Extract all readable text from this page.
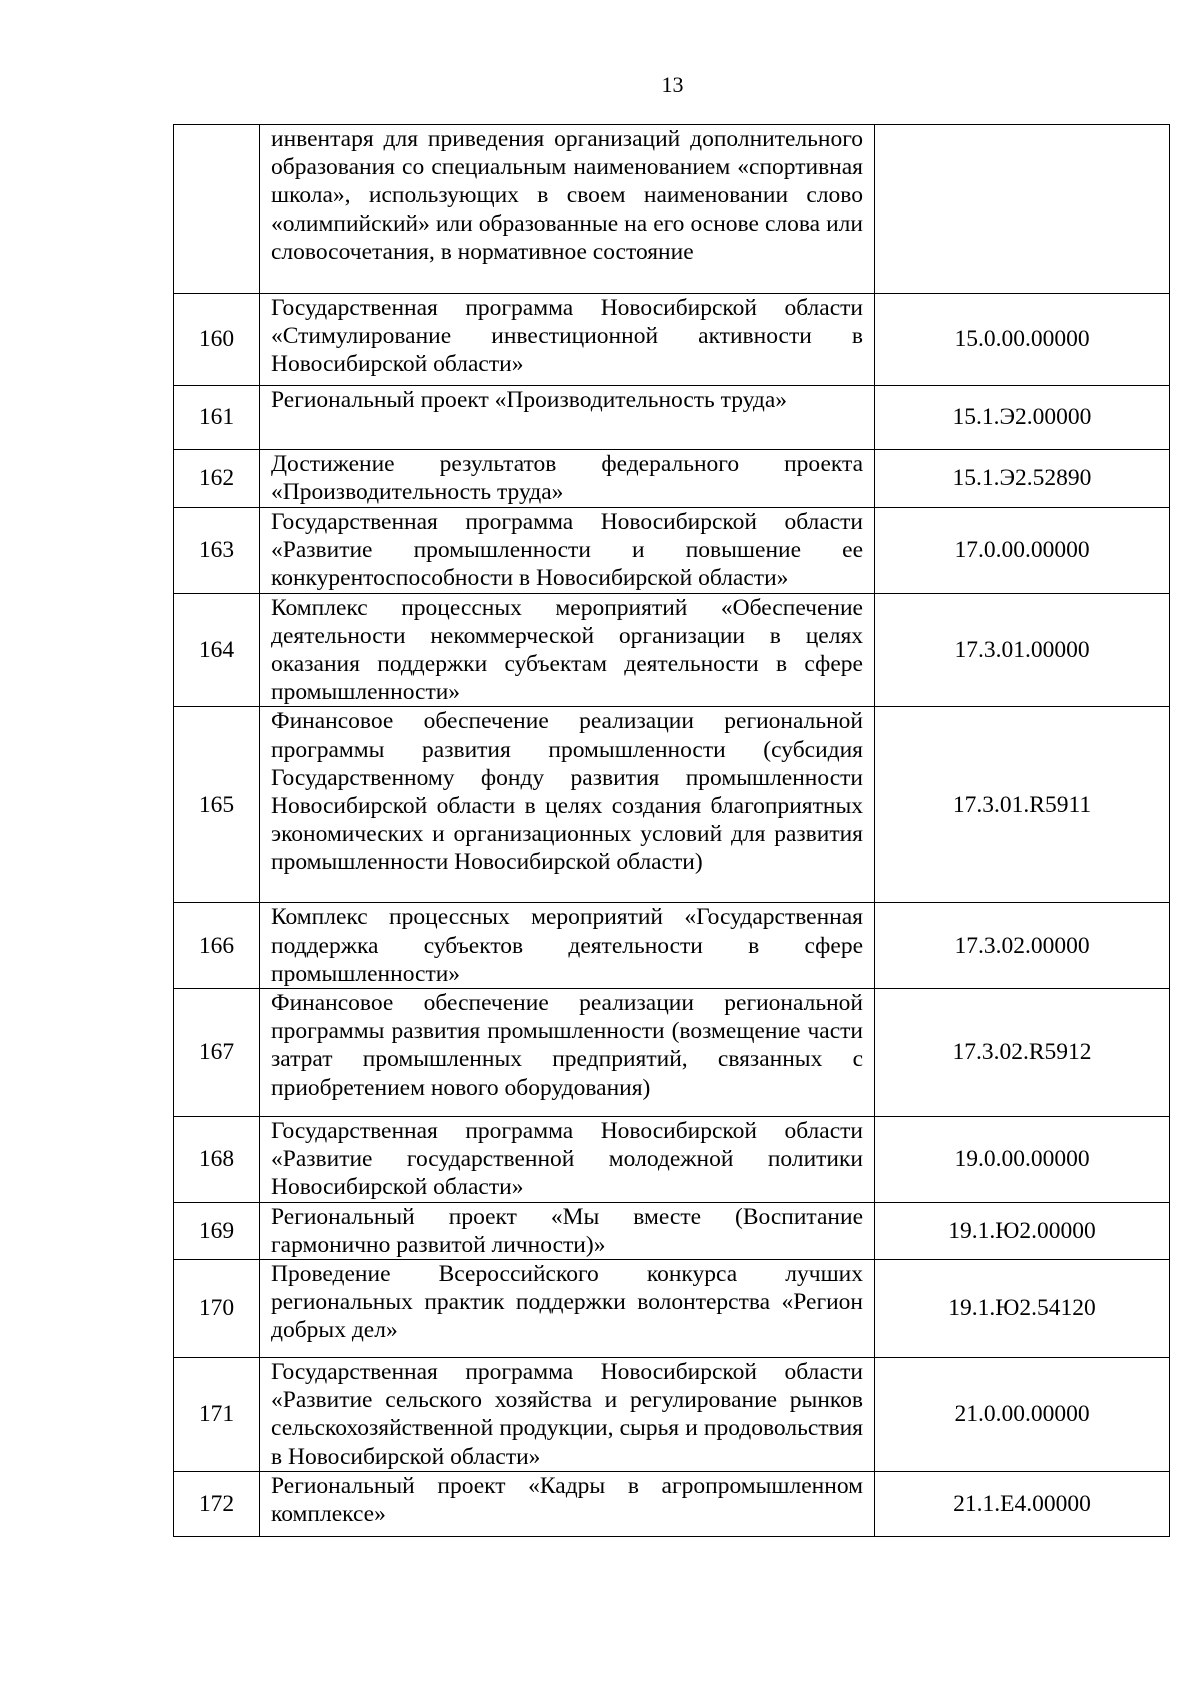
13

	инвентаря для приведения организаций дополнительного образования со специальным наименованием «спортивная школа», использующих в своем наименовании слово «олимпийский» или образованные на его основе слова или словосочетания, в нормативное состояние	

160	Государственная программа Новосибирской области «Стимулирование инвестиционной активности в Новосибирской области»	15.0.00.00000
161	Региональный проект «Производительность труда»	15.1.Э2.00000
162	Достижение результатов федерального проекта «Производительность труда»	15.1.Э2.52890
163	Государственная программа Новосибирской области «Развитие промышленности и повышение ее конкурентоспособности в Новосибирской области»	17.0.00.00000
164	Комплекс процессных мероприятий «Обеспечение деятельности некоммерческой организации в целях оказания поддержки субъектам деятельности в сфере промышленности»	17.3.01.00000
165	Финансовое обеспечение реализации региональной программы развития промышленности (субсидия Государственному фонду развития промышленности Новосибирской области в целях создания благоприятных экономических и организационных условий для развития промышленности Новосибирской области)	17.3.01.R5911
166	Комплекс процессных мероприятий «Государственная поддержка субъектов деятельности в сфере промышленности»	17.3.02.00000
167	Финансовое обеспечение реализации региональной программы развития промышленности (возмещение части затрат промышленных предприятий, связанных с приобретением нового оборудования)	17.3.02.R5912
168	Государственная программа Новосибирской области «Развитие государственной молодежной политики Новосибирской области»	19.0.00.00000
169	Региональный проект «Мы вместе (Воспитание гармонично развитой личности)»	19.1.Ю2.00000
170	Проведение Всероссийского конкурса лучших региональных практик поддержки волонтерства «Регион добрых дел»	19.1.Ю2.54120
171	Государственная программа Новосибирской области «Развитие сельского хозяйства и регулирование рынков сельскохозяйственной продукции, сырья и продовольствия в Новосибирской области»	21.0.00.00000
172	Региональный проект «Кадры в агропромышленном комплексе»	21.1.Е4.00000
